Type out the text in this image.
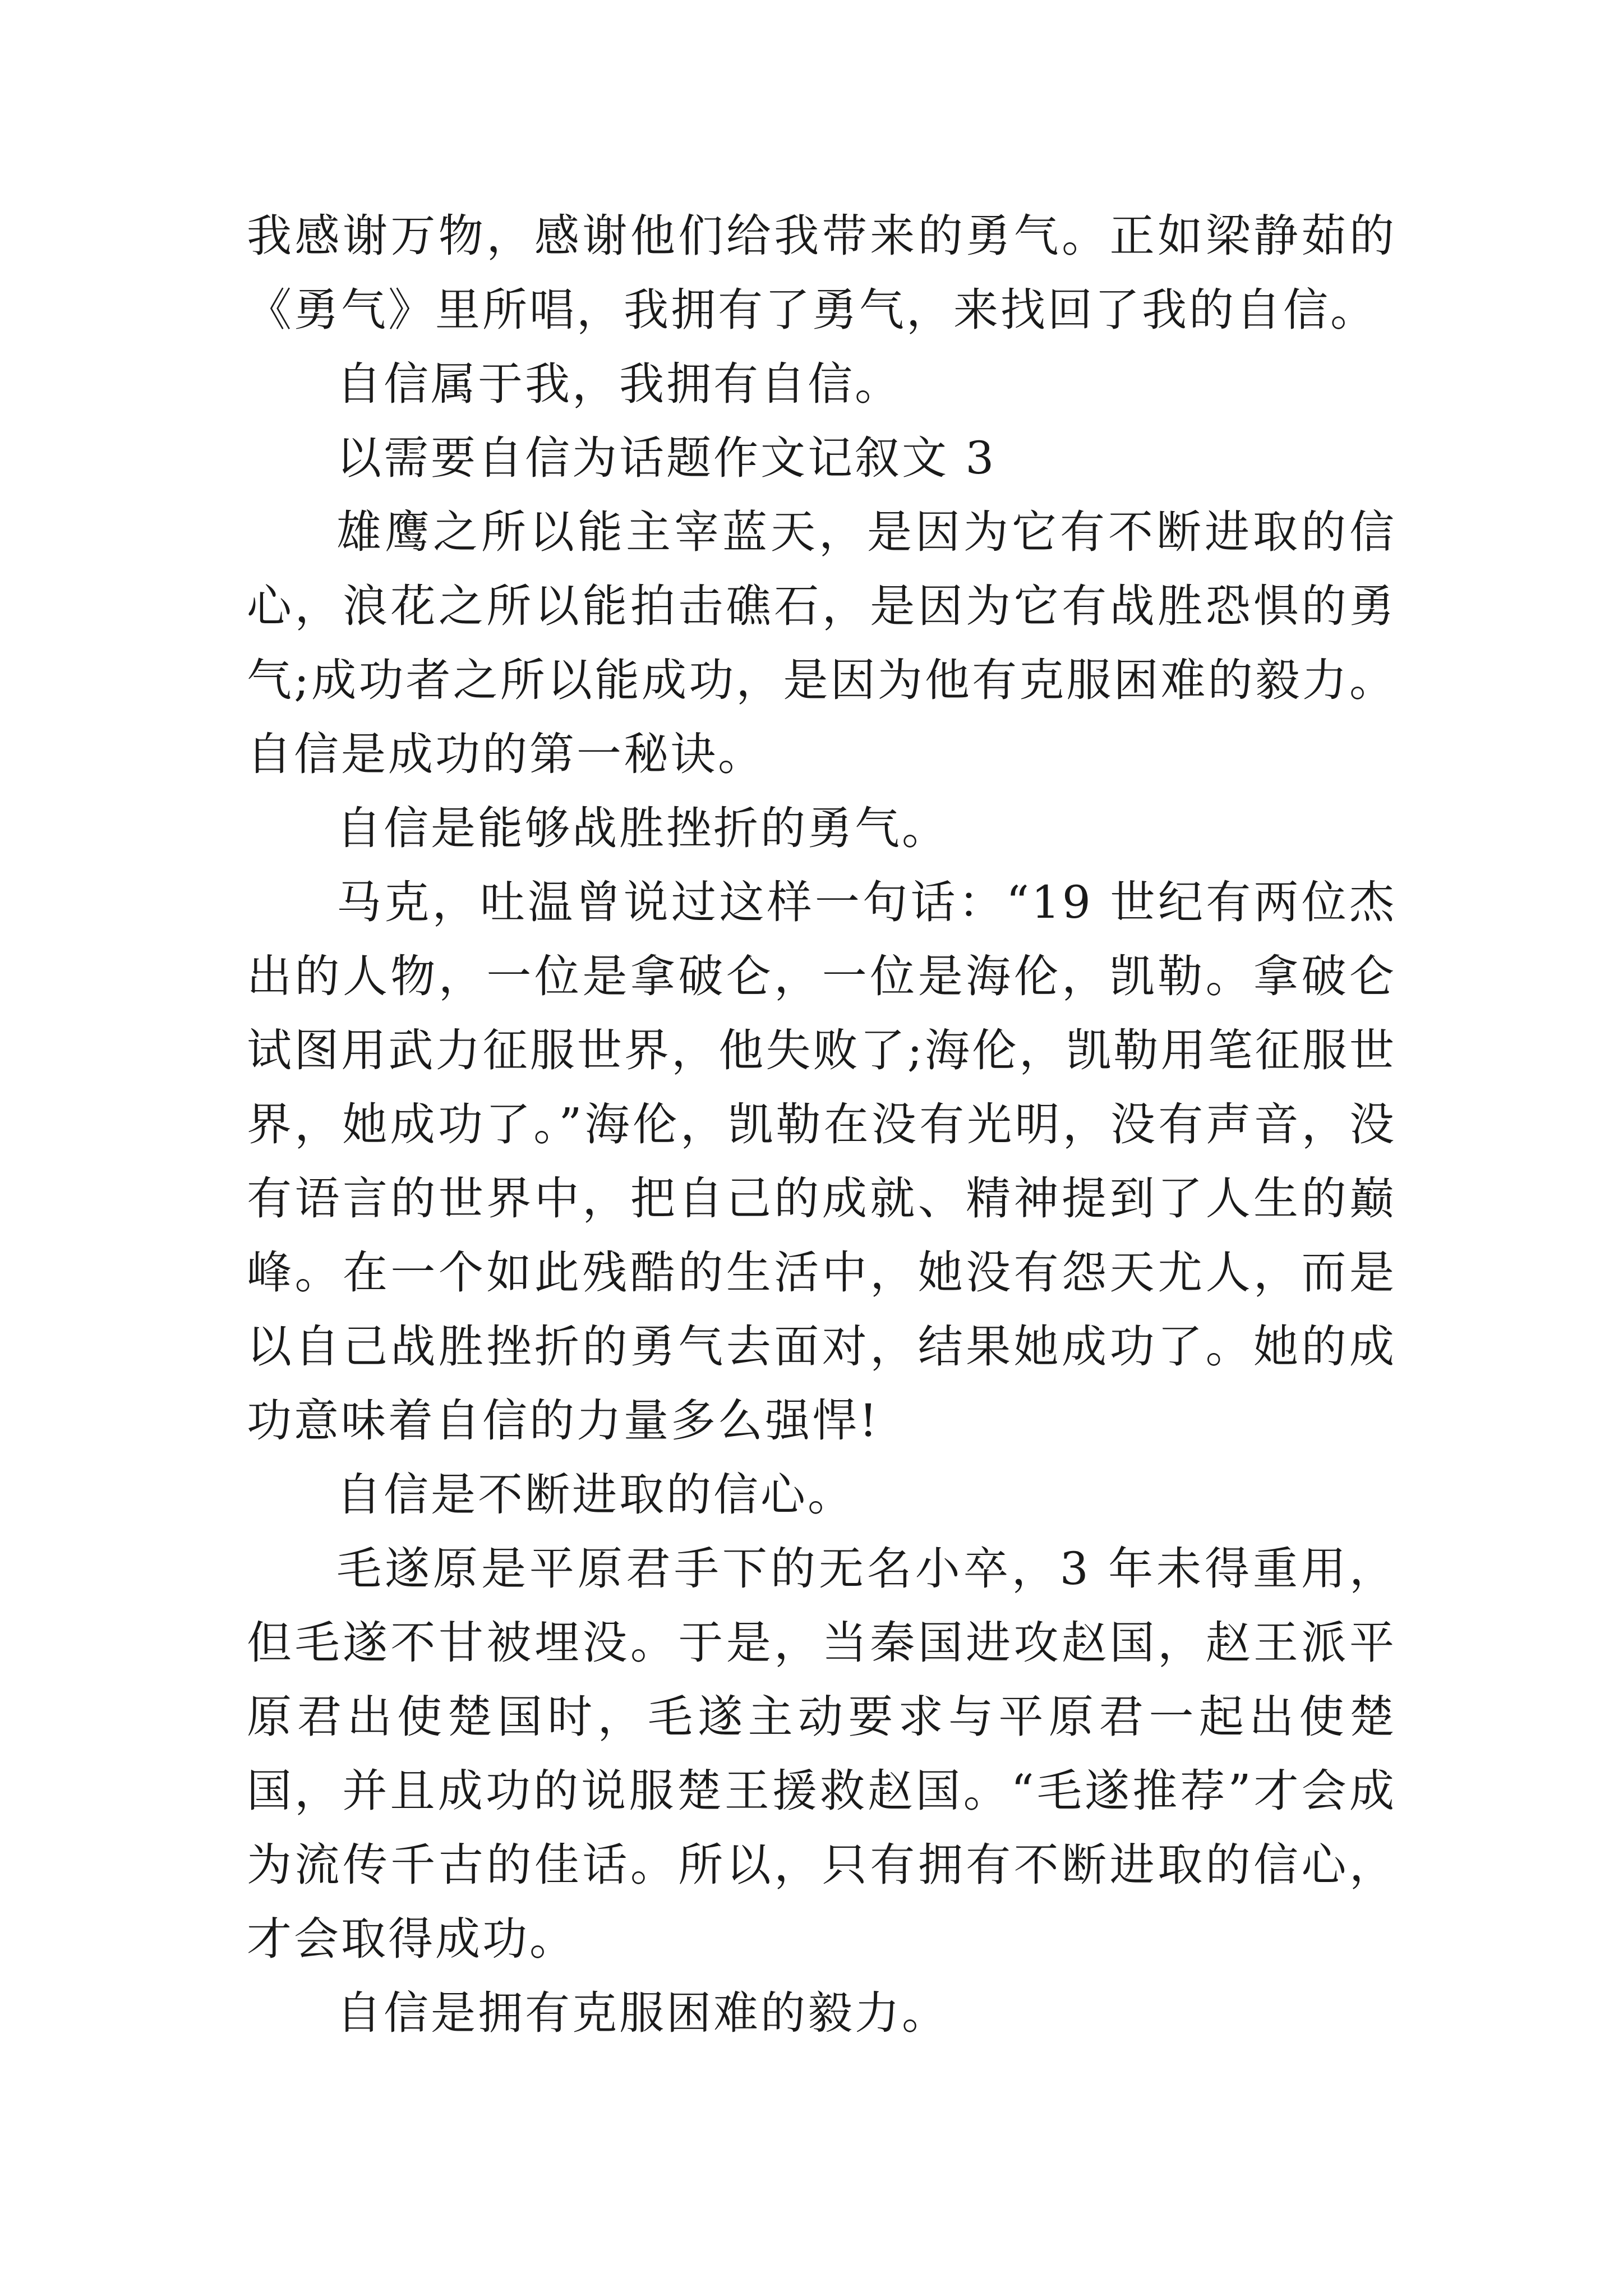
我感谢万物，感谢他们给我带来的勇气。正如梁静茹的《勇气》里所唱，我拥有了勇气，来找回了我的自信。

自信属于我，我拥有自信。

以需要自信为话题作文记叙文 3

雄鹰之所以能主宰蓝天，是因为它有不断进取的信心，浪花之所以能拍击礁石，是因为它有战胜恐惧的勇气;成功者之所以能成功，是因为他有克服困难的毅力。自信是成功的第一秘诀。

自信是能够战胜挫折的勇气。

马克，吐温曾说过这样一句话：“19 世纪有两位杰出的人物，一位是拿破仑，一位是海伦，凯勒。拿破仑试图用武力征服世界，他失败了;海伦，凯勒用笔征服世界，她成功了。”海伦，凯勒在没有光明，没有声音，没有语言的世界中，把自己的成就、精神提到了人生的巅峰。在一个如此残酷的生活中，她没有怨天尤人，而是以自己战胜挫折的勇气去面对，结果她成功了。她的成功意味着自信的力量多么强悍!

自信是不断进取的信心。

毛遂原是平原君手下的无名小卒，3 年未得重用，但毛遂不甘被埋没。于是，当秦国进攻赵国，赵王派平原君出使楚国时，毛遂主动要求与平原君一起出使楚国，并且成功的说服楚王援救赵国。“毛遂推荐”才会成为流传千古的佳话。所以，只有拥有不断进取的信心，才会取得成功。

自信是拥有克服困难的毅力。
